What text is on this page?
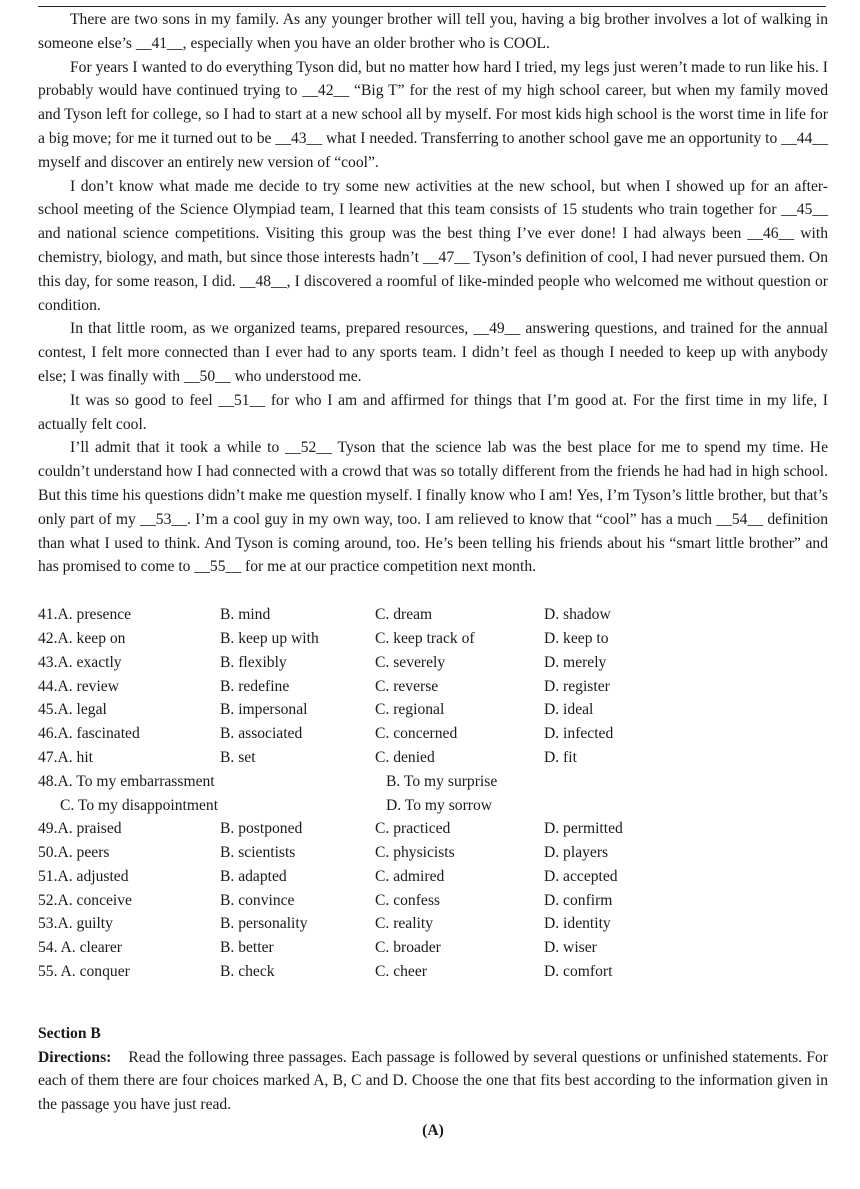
There are two sons in my family. As any younger brother will tell you, having a big brother involves a lot of walking in someone else’s __41__, especially when you have an older brother who is COOL.

For years I wanted to do everything Tyson did, but no matter how hard I tried, my legs just weren’t made to run like his. I probably would have continued trying to __42__ “Big T” for the rest of my high school career, but when my family moved and Tyson left for college, so I had to start at a new school all by myself. For most kids high school is the worst time in life for a big move; for me it turned out to be __43__ what I needed. Transferring to another school gave me an opportunity to __44__ myself and discover an entirely new version of “cool”.

I don’t know what made me decide to try some new activities at the new school, but when I showed up for an after-school meeting of the Science Olympiad team, I learned that this team consists of 15 students who train together for __45__ and national science competitions. Visiting this group was the best thing I’ve ever done! I had always been __46__ with chemistry, biology, and math, but since those interests hadn’t __47__ Tyson’s definition of cool, I had never pursued them. On this day, for some reason, I did. __48__, I discovered a roomful of like-minded people who welcomed me without question or condition.

In that little room, as we organized teams, prepared resources, __49__ answering questions, and trained for the annual contest, I felt more connected than I ever had to any sports team. I didn’t feel as though I needed to keep up with anybody else; I was finally with __50__ who understood me.

It was so good to feel __51__ for who I am and affirmed for things that I’m good at. For the first time in my life, I actually felt cool.

I’ll admit that it took a while to __52__ Tyson that the science lab was the best place for me to spend my time. He couldn’t understand how I had connected with a crowd that was so totally different from the friends he had had in high school. But this time his questions didn’t make me question myself. I finally know who I am! Yes, I’m Tyson’s little brother, but that’s only part of my __53__. I’m a cool guy in my own way, too. I am relieved to know that “cool” has a much __54__ definition than what I used to think. And Tyson is coming around, too. He’s been telling his friends about his “smart little brother” and has promised to come to __55__ for me at our practice competition next month.

41.A. presence	B. mind	C. dream	D. shadow
42.A. keep on	B. keep up with	C. keep track of	D. keep to
43.A. exactly	B. flexibly	C. severely	D. merely
44.A. review	B. redefine	C. reverse	D. register
45.A. legal	B. impersonal	C. regional	D. ideal
46.A. fascinated	B. associated	C. concerned	D. infected
47.A. hit	B. set	C. denied	D. fit
48.A. To my embarrassment	B. To my surprise
C. To my disappointment	D. To my sorrow
49.A. praised	B. postponed	C. practiced	D. permitted
50.A. peers	B. scientists	C. physicists	D. players
51.A. adjusted	B. adapted	C. admired	D. accepted
52.A. conceive	B. convince	C. confess	D. confirm
53.A. guilty	B. personality	C. reality	D. identity
54. A. clearer	B. better	C. broader	D. wiser
55. A. conquer	B. check	C. cheer	D. comfort

Section B

Directions: Read the following three passages. Each passage is followed by several questions or unfinished statements. For each of them there are four choices marked A, B, C and D. Choose the one that fits best according to the information given in the passage you have just read.

(A)
